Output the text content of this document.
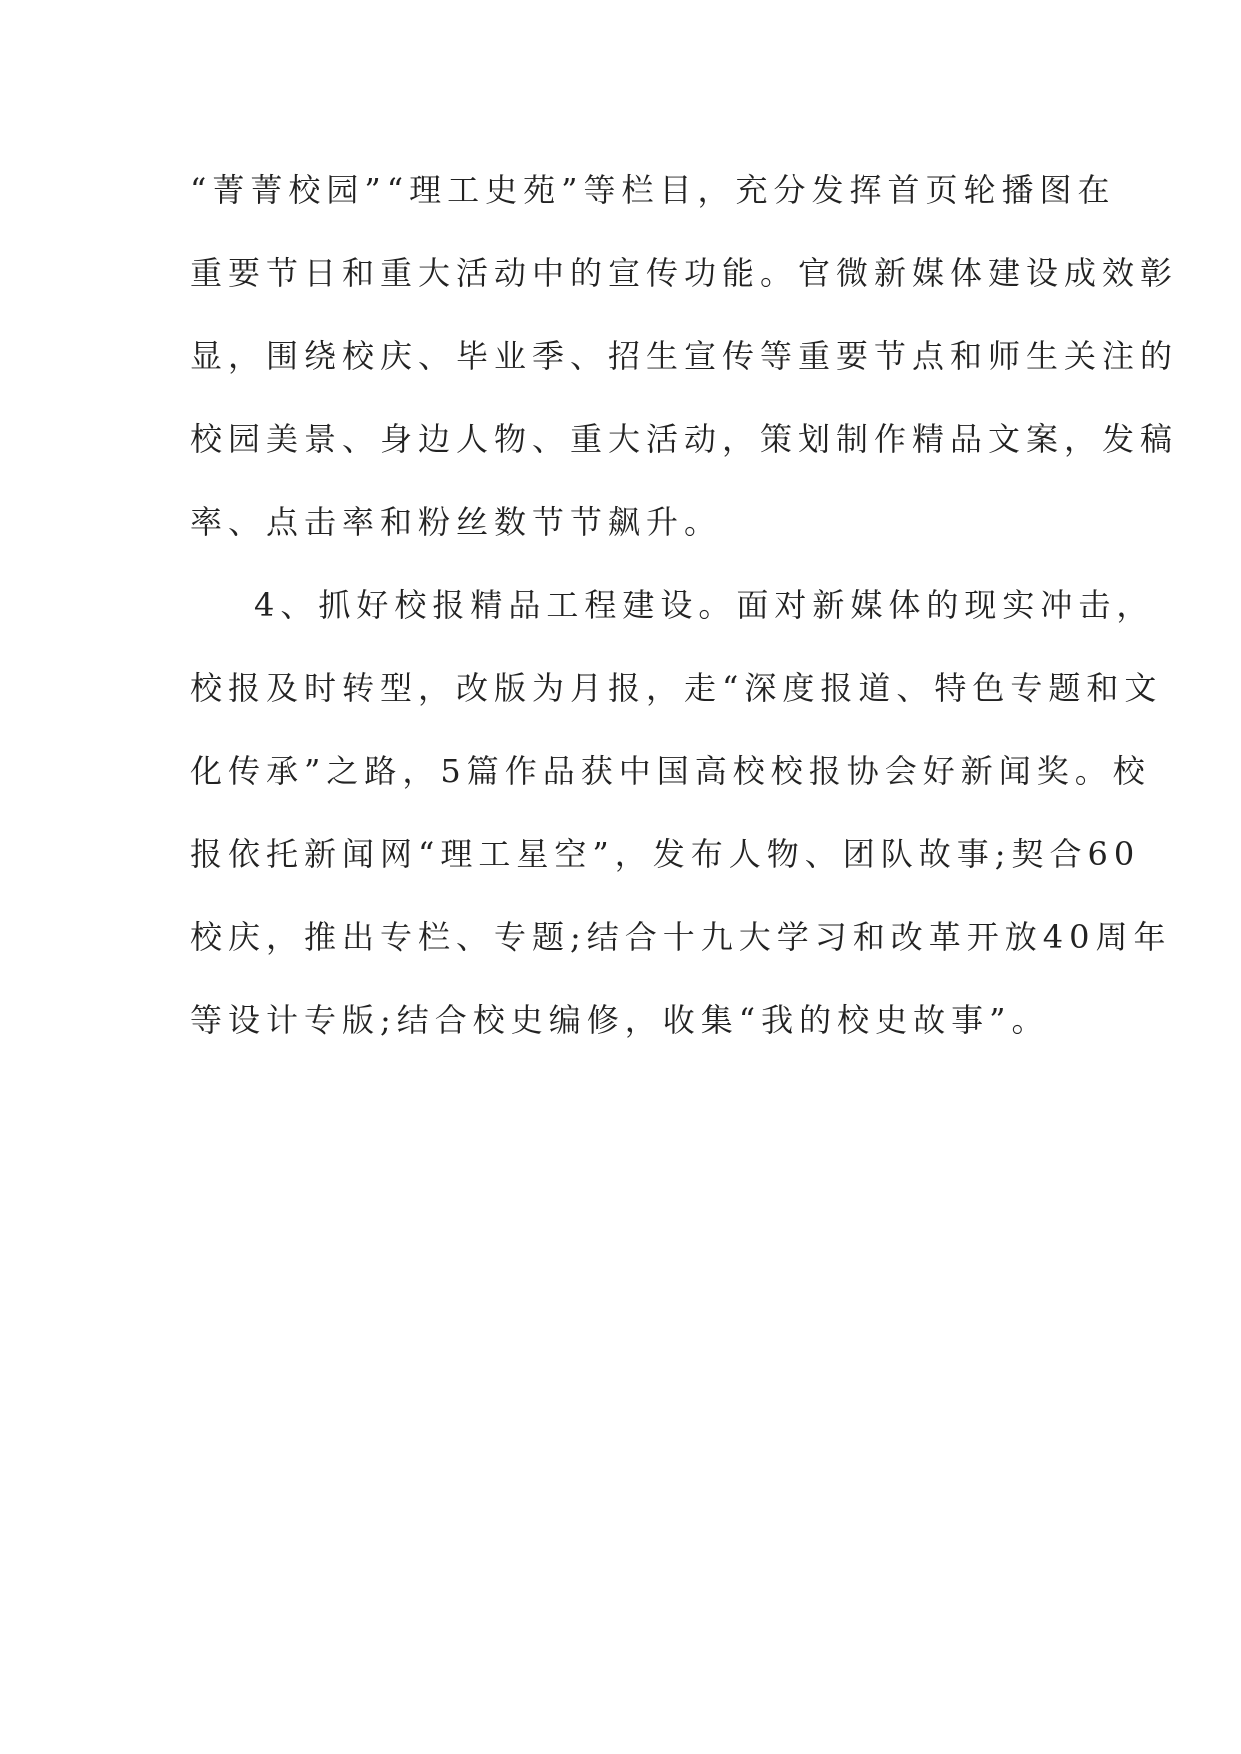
“菁菁校园”“理工史苑”等栏目，充分发挥首页轮播图在
重要节日和重大活动中的宣传功能。官微新媒体建设成效彰
显，围绕校庆、毕业季、招生宣传等重要节点和师生关注的
校园美景、身边人物、重大活动，策划制作精品文案，发稿
率、点击率和粉丝数节节飙升。
4、抓好校报精品工程建设。面对新媒体的现实冲击，
校报及时转型，改版为月报，走“深度报道、特色专题和文
化传承”之路，5篇作品获中国高校校报协会好新闻奖。校
报依托新闻网“理工星空”，发布人物、团队故事;契合60
校庆，推出专栏、专题;结合十九大学习和改革开放40周年
等设计专版;结合校史编修，收集“我的校史故事”。
